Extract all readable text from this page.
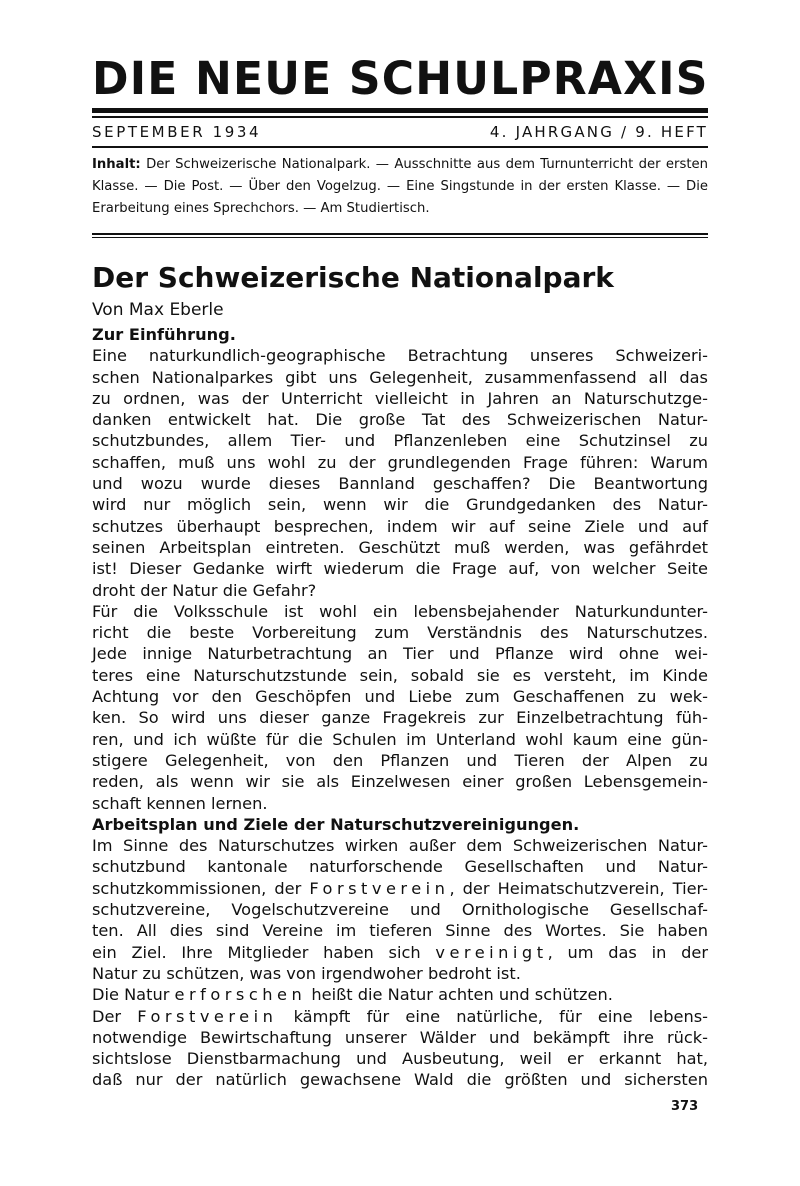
DIE NEUE SCHULPRAXIS
SEPTEMBER 1934	4. JAHRGANG / 9. HEFT
Inhalt: Der Schweizerische Nationalpark. — Ausschnitte aus dem Turnunterricht der ersten Klasse. — Die Post. — Über den Vogelzug. — Eine Singstunde in der ersten Klasse. — Die Erarbeitung eines Sprechchors. — Am Studiertisch.
Der Schweizerische Nationalpark
Von Max Eberle
Zur Einführung.
Eine naturkundlich-geographische Betrachtung unseres Schweizeri-
schen Nationalparkes gibt uns Gelegenheit, zusammenfassend all das
zu ordnen, was der Unterricht vielleicht in Jahren an Naturschutzge-
danken entwickelt hat. Die große Tat des Schweizerischen Natur-
schutzbundes, allem Tier- und Pflanzenleben eine Schutzinsel zu
schaffen, muß uns wohl zu der grundlegenden Frage führen: Warum
und wozu wurde dieses Bannland geschaffen? Die Beantwortung
wird nur möglich sein, wenn wir die Grundgedanken des Natur-
schutzes überhaupt besprechen, indem wir auf seine Ziele und auf
seinen Arbeitsplan eintreten. Geschützt muß werden, was gefährdet
ist! Dieser Gedanke wirft wiederum die Frage auf, von welcher Seite
droht der Natur die Gefahr?
Für die Volksschule ist wohl ein lebensbejahender Naturkundunter-
richt die beste Vorbereitung zum Verständnis des Naturschutzes.
Jede innige Naturbetrachtung an Tier und Pflanze wird ohne wei-
teres eine Naturschutzstunde sein, sobald sie es versteht, im Kinde
Achtung vor den Geschöpfen und Liebe zum Geschaffenen zu wek-
ken. So wird uns dieser ganze Fragekreis zur Einzelbetrachtung füh-
ren, und ich wüßte für die Schulen im Unterland wohl kaum eine gün-
stigere Gelegenheit, von den Pflanzen und Tieren der Alpen zu
reden, als wenn wir sie als Einzelwesen einer großen Lebensgemein-
schaft kennen lernen.
Arbeitsplan und Ziele der Naturschutzvereinigungen.
Im Sinne des Naturschutzes wirken außer dem Schweizerischen Natur-
schutzbund kantonale naturforschende Gesellschaften und Natur-
schutzkommissionen, der Forstverein, der Heimatschutzverein, Tier-
schutzvereine, Vogelschutzvereine und Ornithologische Gesellschaf-
ten. All dies sind Vereine im tieferen Sinne des Wortes. Sie haben
ein Ziel. Ihre Mitglieder haben sich vereinigt, um das in der
Natur zu schützen, was von irgendwoher bedroht ist.
Die Natur erforschen heißt die Natur achten und schützen.
Der Forstverein kämpft für eine natürliche, für eine lebens-
notwendige Bewirtschaftung unserer Wälder und bekämpft ihre rück-
sichtslose Dienstbarmachung und Ausbeutung, weil er erkannt hat,
daß nur der natürlich gewachsene Wald die größten und sichersten
373
